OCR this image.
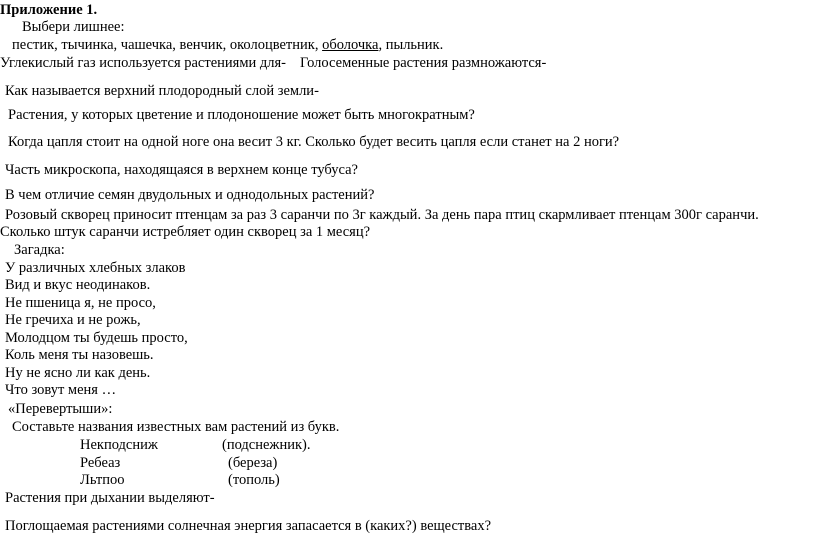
Приложение 1.
Выбери лишнее:
пестик, тычинка, чашечка, венчик, околоцветник, оболочка, пыльник.
Углекислый газ используется растениями для- Голосеменные растения размножаются-
Как называется верхний плодородный слой земли-
Растения, у которых цветение и плодоношение может быть многократным?
Когда цапля стоит на одной ноге она весит 3 кг. Сколько будет весить цапля если станет на 2 ноги?
Часть микроскопа, находящаяся в верхнем конце тубуса?
В чем отличие семян двудольных и однодольных растений?
Розовый скворец приносит птенцам за раз 3 саранчи по 3г каждый. За день пара птиц скармливает птенцам 300г саранчи.
Сколько штук саранчи истребляет один скворец за 1 месяц?
Загадка:
У различных хлебных злаков
Вид и вкус неодинаков.
Не пшеница я, не просо,
Не гречиха и не рожь,
Молодцом ты будешь просто,
Коль меня ты назовешь.
Ну не ясно ли как день.
Что зовут меня …
«Перевертыши»:
Составьте названия известных вам растений из букв.
Некподсниж	(подснежник).
Ребеаз	(береза)
Льтпоо	(тополь)
Растения при дыхании выделяют-
Поглощаемая растениями солнечная энергия запасается в (каких?) веществах?
